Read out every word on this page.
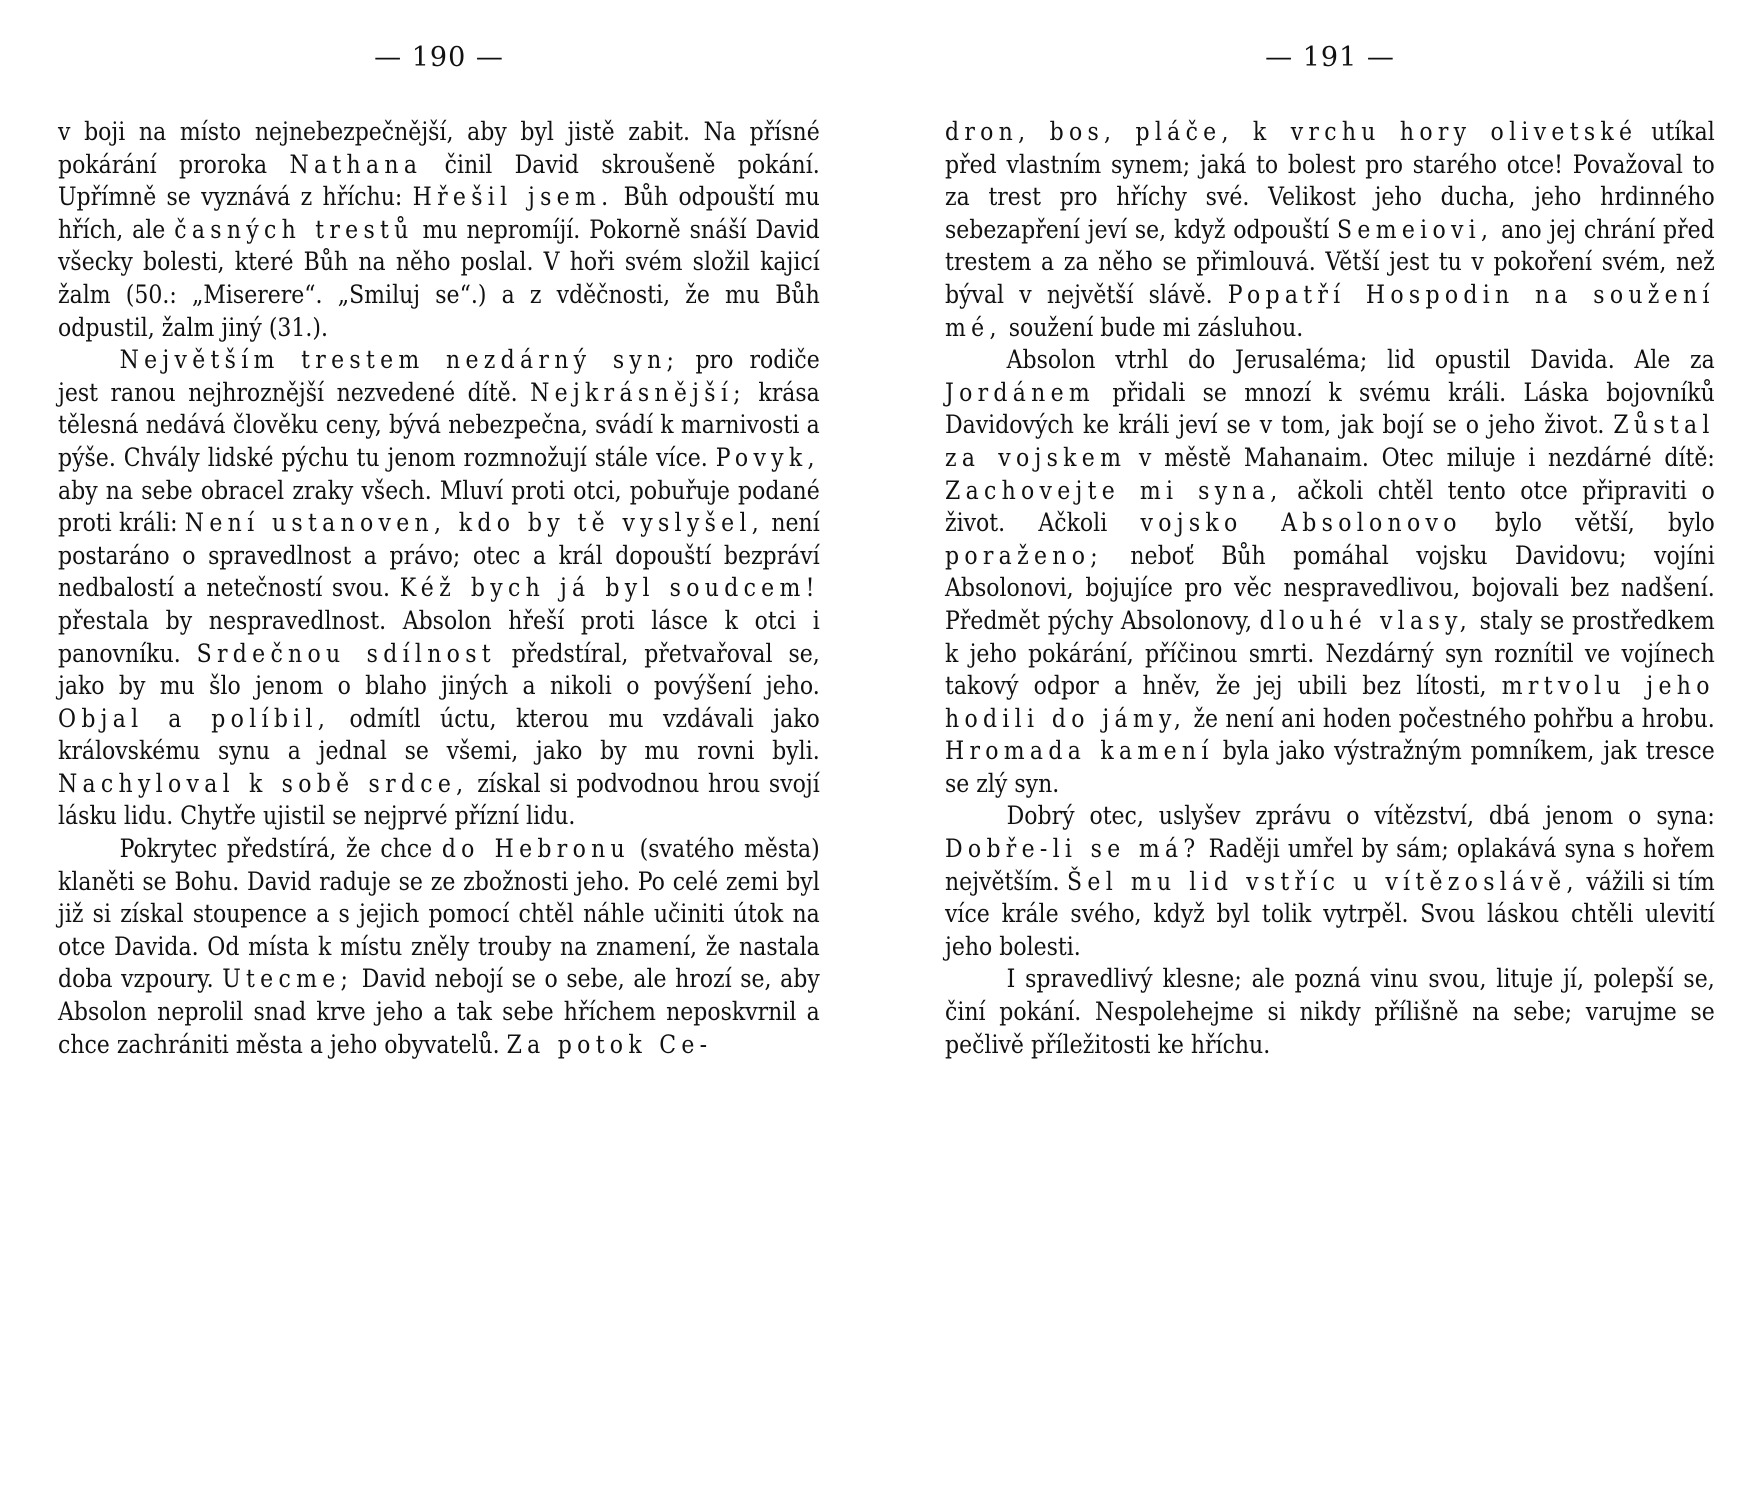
— 190 —

v boji na místo nejnebezpečnější, aby byl jistě zabit. Na přísné pokárání proroka Nathana činil David skroušeně pokání. Upřímně se vyznává z hříchu: Hřešil jsem. Bůh odpouští mu hřích, ale časných trestů mu nepromíjí. Pokorně snáší David všecky bolesti, které Bůh na něho poslal. V hoři svém složil kajicí žalm (50.: „Miserere“. „Smiluj se“.) a z vděčnosti, že mu Bůh odpustil, žalm jiný (31.).

Největším trestem nezdárný syn; pro rodiče jest ranou nejhroznější nezvedené dítě. Nejkrásnější; krása tělesná nedává člověku ceny, bývá nebezpečna, svádí k marnivosti a pýše. Chvály lidské pýchu tu jenom rozmnožují stále více. Povyk, aby na sebe obracel zraky všech. Mluví proti otci, pobuřuje podané proti králi: Není ustanoven, kdo by tě vyslyšel, není postaráno o spravedlnost a právo; otec a král dopouští bezpráví nedbalostí a netečností svou. Kéž bych já byl soudcem! přestala by nespravedlnost. Absolon hřeší proti lásce k otci i panovníku. Srdečnou sdílnost předstíral, přetvařoval se, jako by mu šlo jenom o blaho jiných a nikoli o povýšení jeho. Objal a políbil, odmítl úctu, kterou mu vzdávali jako královskému synu a jednal se všemi, jako by mu rovni byli. Nachyloval k sobě srdce, získal si podvodnou hrou svojí lásku lidu. Chytře ujistil se nejprvé přízní lidu.

Pokrytec předstírá, že chce do Hebronu (svatého města) klaněti se Bohu. David raduje se ze zbožnosti jeho. Po celé zemi byl již si získal stoupence a s jejich pomocí chtěl náhle učiniti útok na otce Davida. Od místa k místu zněly trouby na znamení, že nastala doba vzpoury. Utecme; David nebojí se o sebe, ale hrozí se, aby Absolon neprolil snad krve jeho a tak sebe hříchem neposkvrnil a chce zachrániti města a jeho obyvatelů. Za potok Ce-

— 191 —

dron, bos, pláče, k vrchu hory olivetské utíkal před vlastním synem; jaká to bolest pro starého otce! Považoval to za trest pro hříchy své. Velikost jeho ducha, jeho hrdinného sebezapření jeví se, když odpouští Semeiovi, ano jej chrání před trestem a za něho se přimlouvá. Větší jest tu v pokoření svém, než býval v největší slávě. Popatří Hospodin na soužení mé, soužení bude mi zásluhou.

Absolon vtrhl do Jerusaléma; lid opustil Davida. Ale za Jordánem přidali se mnozí k svému králi. Láska bojovníků Davidových ke králi jeví se v tom, jak bojí se o jeho život. Zůstal za vojskem v městě Mahanaim. Otec miluje i nezdárné dítě: Zachovejte mi syna, ačkoli chtěl tento otce připraviti o život. Ačkoli vojsko Absolonovo bylo větší, bylo poraženo; neboť Bůh pomáhal vojsku Davidovu; vojíni Absolonovi, bojujíce pro věc nespravedlivou, bojovali bez nadšení. Předmět pýchy Absolonovy, dlouhé vlasy, staly se prostředkem k jeho pokárání, příčinou smrti. Nezdárný syn roznítil ve vojínech takový odpor a hněv, že jej ubili bez lítosti, mrtvolu jeho hodili do jámy, že není ani hoden počestného pohřbu a hrobu. Hromada kamení byla jako výstražným pomníkem, jak tresce se zlý syn.

Dobrý otec, uslyšev zprávu o vítězství, dbá jenom o syna: Dobře-li se má? Raději umřel by sám; oplakává syna s hořem největším. Šel mu lid vstříc u vítězoslávě, vážili si tím více krále svého, když byl tolik vytrpěl. Svou láskou chtěli ulevití jeho bolesti.

I spravedlivý klesne; ale pozná vinu svou, lituje jí, polepší se, činí pokání. Nespolehejme si nikdy přílišně na sebe; varujme se pečlivě příležitosti ke hříchu.
